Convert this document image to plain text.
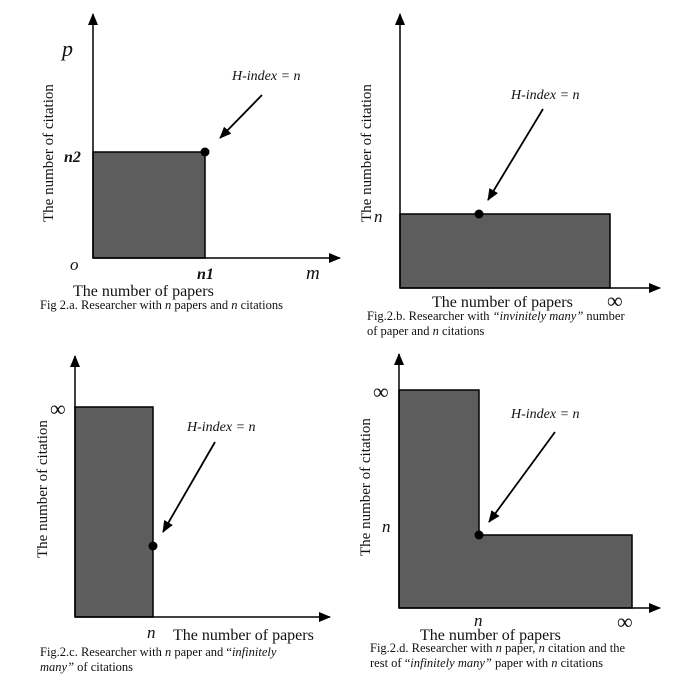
H-index = n
p
n2
o
n1	m
The number of papers
The number of citation	H-index = n
n
The number of papers ∞
The number of citation
H-index = n
∞
n The number of papers
The number of citation
H-index = n
∞
n
n	∞
The number of papers
The number of citation

Fig 2.a. Researcher with n papers and n citations

Fig.2.b. Researcher with “invinitely many” number
of paper and n citations

Fig.2.c. Researcher with n paper and “infinitely
many” of citations

Fig.2.d. Researcher with n paper, n citation and the
rest of “infinitely many” paper with n citations
